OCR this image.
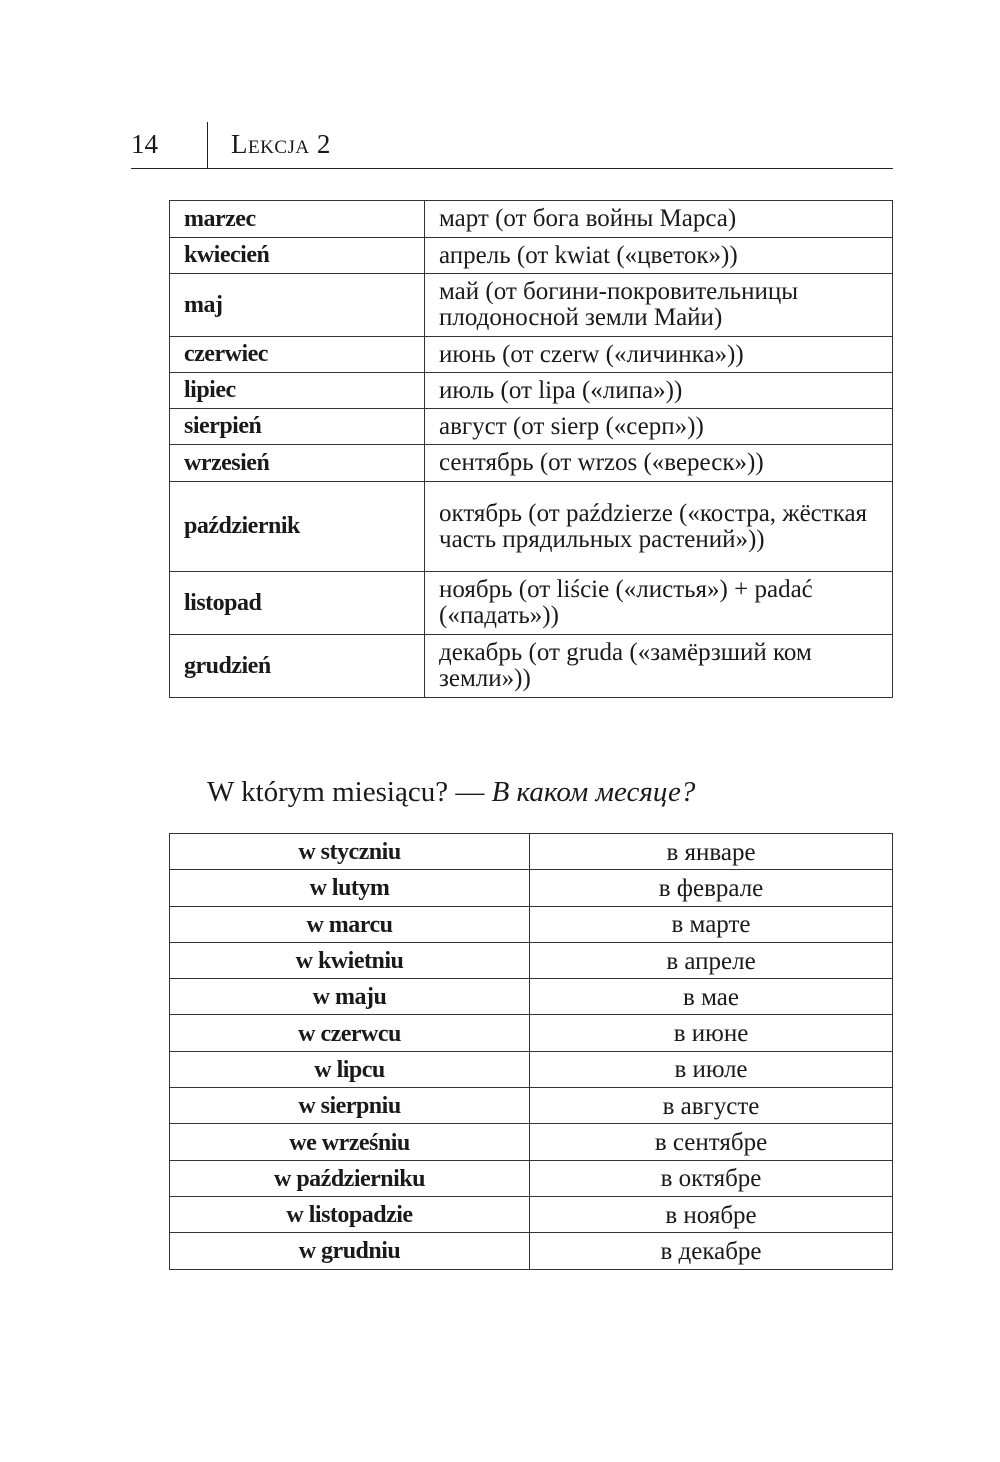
14	Lekcja 2
marzec	март (от бога войны Марса)
kwiecień	апрель (от kwiat («цветок»))
maj	май (от богини-покровительницы плодоносной земли Майи)
czerwiec	июнь (от czerw («личинка»))
lipiec	июль (от lipa («липа»))
sierpień	август (от sierp («серп»))
wrzesień	сентябрь (от wrzos («вереск»))
październik	октябрь (от paździerze («костра, жёсткая часть прядильных растений»))
listopad	ноябрь (от liście («листья») + padać («падать»))
grudzień	декабрь (от gruda («замёрзший ком земли»))
W którym miesiącu? — В каком месяце?
w styczniu	в январе
w lutym	в феврале
w marcu	в марте
w kwietniu	в апреле
w maju	в мае
w czerwcu	в июне
w lipcu	в июле
w sierpniu	в августе
we wrześniu	в сентябре
w październiku	в октябре
w listopadzie	в ноябре
w grudniu	в декабре
